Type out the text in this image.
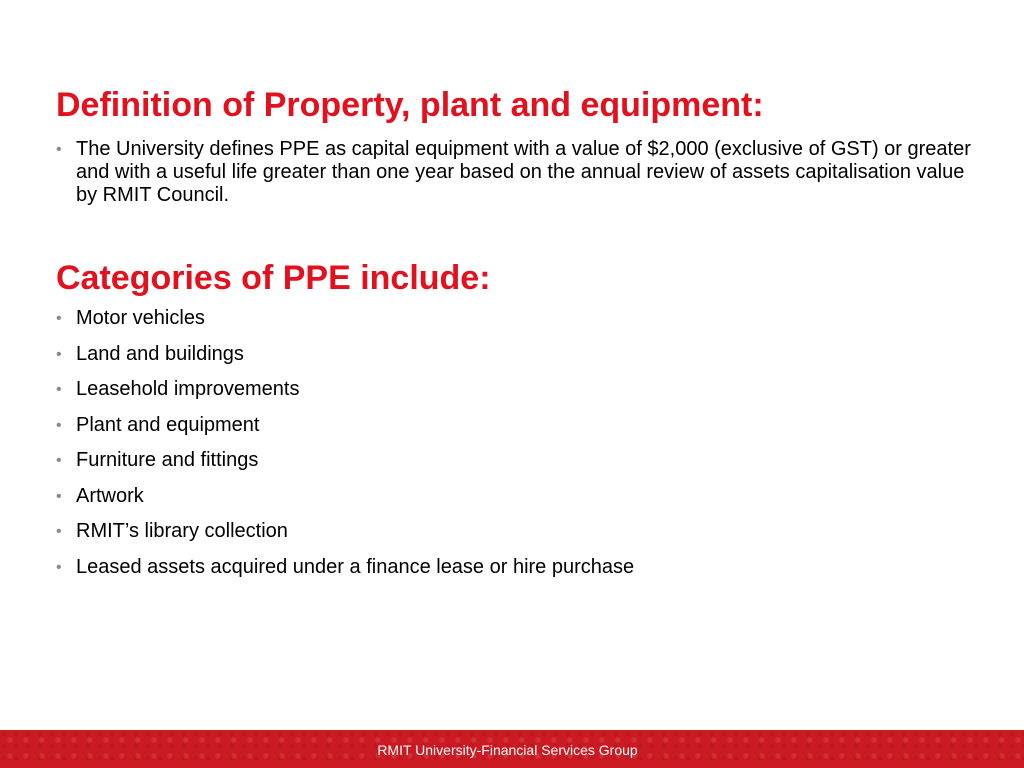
Definition of Property, plant and equipment:
• The University defines PPE as capital equipment with a value of $2,000 (exclusive of GST) or greater and with a useful life greater than one year based on the annual review of assets capitalisation value by RMIT Council.
Categories of PPE include:
• Motor vehicles
• Land and buildings
• Leasehold improvements
• Plant and equipment
• Furniture and fittings
• Artwork
• RMIT’s library collection
• Leased assets acquired under a finance lease or hire purchase
RMIT University-Financial Services Group
